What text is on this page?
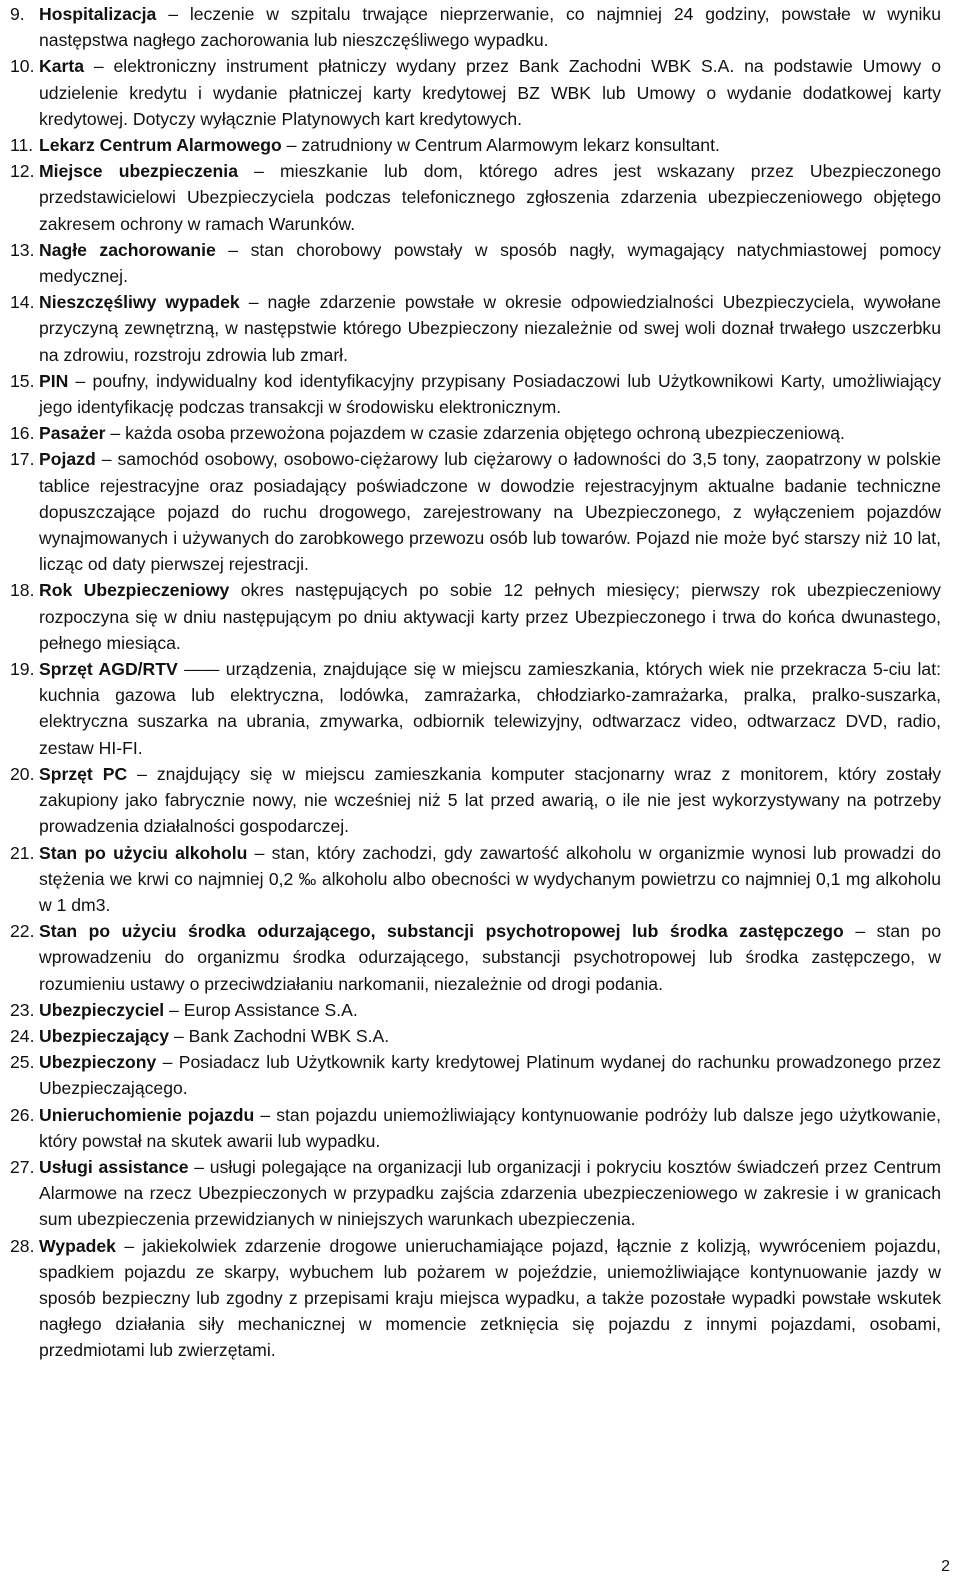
9. Hospitalizacja – leczenie w szpitalu trwające nieprzerwanie, co najmniej 24 godziny, powstałe w wyniku następstwa nagłego zachorowania lub nieszczęśliwego wypadku.
10. Karta – elektroniczny instrument płatniczy wydany przez Bank Zachodni WBK S.A. na podstawie Umowy o udzielenie kredytu i wydanie płatniczej karty kredytowej BZ WBK lub Umowy o wydanie dodatkowej karty kredytowej. Dotyczy wyłącznie Platynowych kart kredytowych.
11. Lekarz Centrum Alarmowego – zatrudniony w Centrum Alarmowym lekarz konsultant.
12. Miejsce ubezpieczenia – mieszkanie lub dom, którego adres jest wskazany przez Ubezpieczonego przedstawicielowi Ubezpieczyciela podczas telefonicznego zgłoszenia zdarzenia ubezpieczeniowego objętego zakresem ochrony w ramach Warunków.
13. Nagłe zachorowanie – stan chorobowy powstały w sposób nagły, wymagający natychmiastowej pomocy medycznej.
14. Nieszczęśliwy wypadek – nagłe zdarzenie powstałe w okresie odpowiedzialności Ubezpieczyciela, wywołane przyczyną zewnętrzną, w następstwie którego Ubezpieczony niezależnie od swej woli doznał trwałego uszczerbku na zdrowiu, rozstroju zdrowia lub zmarł.
15. PIN – poufny, indywidualny kod identyfikacyjny przypisany Posiadaczowi lub Użytkownikowi Karty, umożliwiający jego identyfikację podczas transakcji w środowisku elektronicznym.
16. Pasażer – każda osoba przewożona pojazdem w czasie zdarzenia objętego ochroną ubezpieczeniową.
17. Pojazd – samochód osobowy, osobowo-ciężarowy lub ciężarowy o ładowności do 3,5 tony, zaopatrzony w polskie tablice rejestracyjne oraz posiadający poświadczone w dowodzie rejestracyjnym aktualne badanie techniczne dopuszczające pojazd do ruchu drogowego, zarejestrowany na Ubezpieczonego, z wyłączeniem pojazdów wynajmowanych i używanych do zarobkowego przewozu osób lub towarów. Pojazd nie może być starszy niż 10 lat, licząc od daty pierwszej rejestracji.
18. Rok Ubezpieczeniowy okres następujących po sobie 12 pełnych miesięcy; pierwszy rok ubezpieczeniowy rozpoczyna się w dniu następującym po dniu aktywacji karty przez Ubezpieczonego i trwa do końca dwunastego, pełnego miesiąca.
19. Sprzęt AGD/RTV —— urządzenia, znajdujące się w miejscu zamieszkania, których wiek nie przekracza 5-ciu lat: kuchnia gazowa lub elektryczna, lodówka, zamrażarka, chłodziarko-zamrażarka, pralka, pralko-suszarka, elektryczna suszarka na ubrania, zmywarka, odbiornik telewizyjny, odtwarzacz video, odtwarzacz DVD, radio, zestaw HI-FI.
20. Sprzęt PC – znajdujący się w miejscu zamieszkania komputer stacjonarny wraz z monitorem, który zostały zakupiony jako fabrycznie nowy, nie wcześniej niż 5 lat przed awarią, o ile nie jest wykorzystywany na potrzeby prowadzenia działalności gospodarczej.
21. Stan po użyciu alkoholu – stan, który zachodzi, gdy zawartość alkoholu w organizmie wynosi lub prowadzi do stężenia we krwi co najmniej 0,2 ‰ alkoholu albo obecności w wydychanym powietrzu co najmniej 0,1 mg alkoholu w 1 dm3.
22. Stan po użyciu środka odurzającego, substancji psychotropowej lub środka zastępczego – stan po wprowadzeniu do organizmu środka odurzającego, substancji psychotropowej lub środka zastępczego, w rozumieniu ustawy o przeciwdziałaniu narkomanii, niezależnie od drogi podania.
23. Ubezpieczyciel – Europ Assistance S.A.
24. Ubezpieczający – Bank Zachodni WBK S.A.
25. Ubezpieczony – Posiadacz lub Użytkownik karty kredytowej Platinum wydanej do rachunku prowadzonego przez Ubezpieczającego.
26. Unieruchomienie pojazdu – stan pojazdu uniemożliwiający kontynuowanie podróży lub dalsze jego użytkowanie, który powstał na skutek awarii lub wypadku.
27. Usługi assistance – usługi polegające na organizacji lub organizacji i pokryciu kosztów świadczeń przez Centrum Alarmowe na rzecz Ubezpieczonych w przypadku zajścia zdarzenia ubezpieczeniowego w zakresie i w granicach sum ubezpieczenia przewidzianych w niniejszych warunkach ubezpieczenia.
28. Wypadek – jakiekolwiek zdarzenie drogowe unieruchamiające pojazd, łącznie z kolizją, wywróceniem pojazdu, spadkiem pojazdu ze skarpy, wybuchem lub pożarem w pojeździe, uniemożliwiające kontynuowanie jazdy w sposób bezpieczny lub zgodny z przepisami kraju miejsca wypadku, a także pozostałe wypadki powstałe wskutek nagłego działania siły mechanicznej w momencie zetknięcia się pojazdu z innymi pojazdami, osobami, przedmiotami lub zwierzętami.
2
